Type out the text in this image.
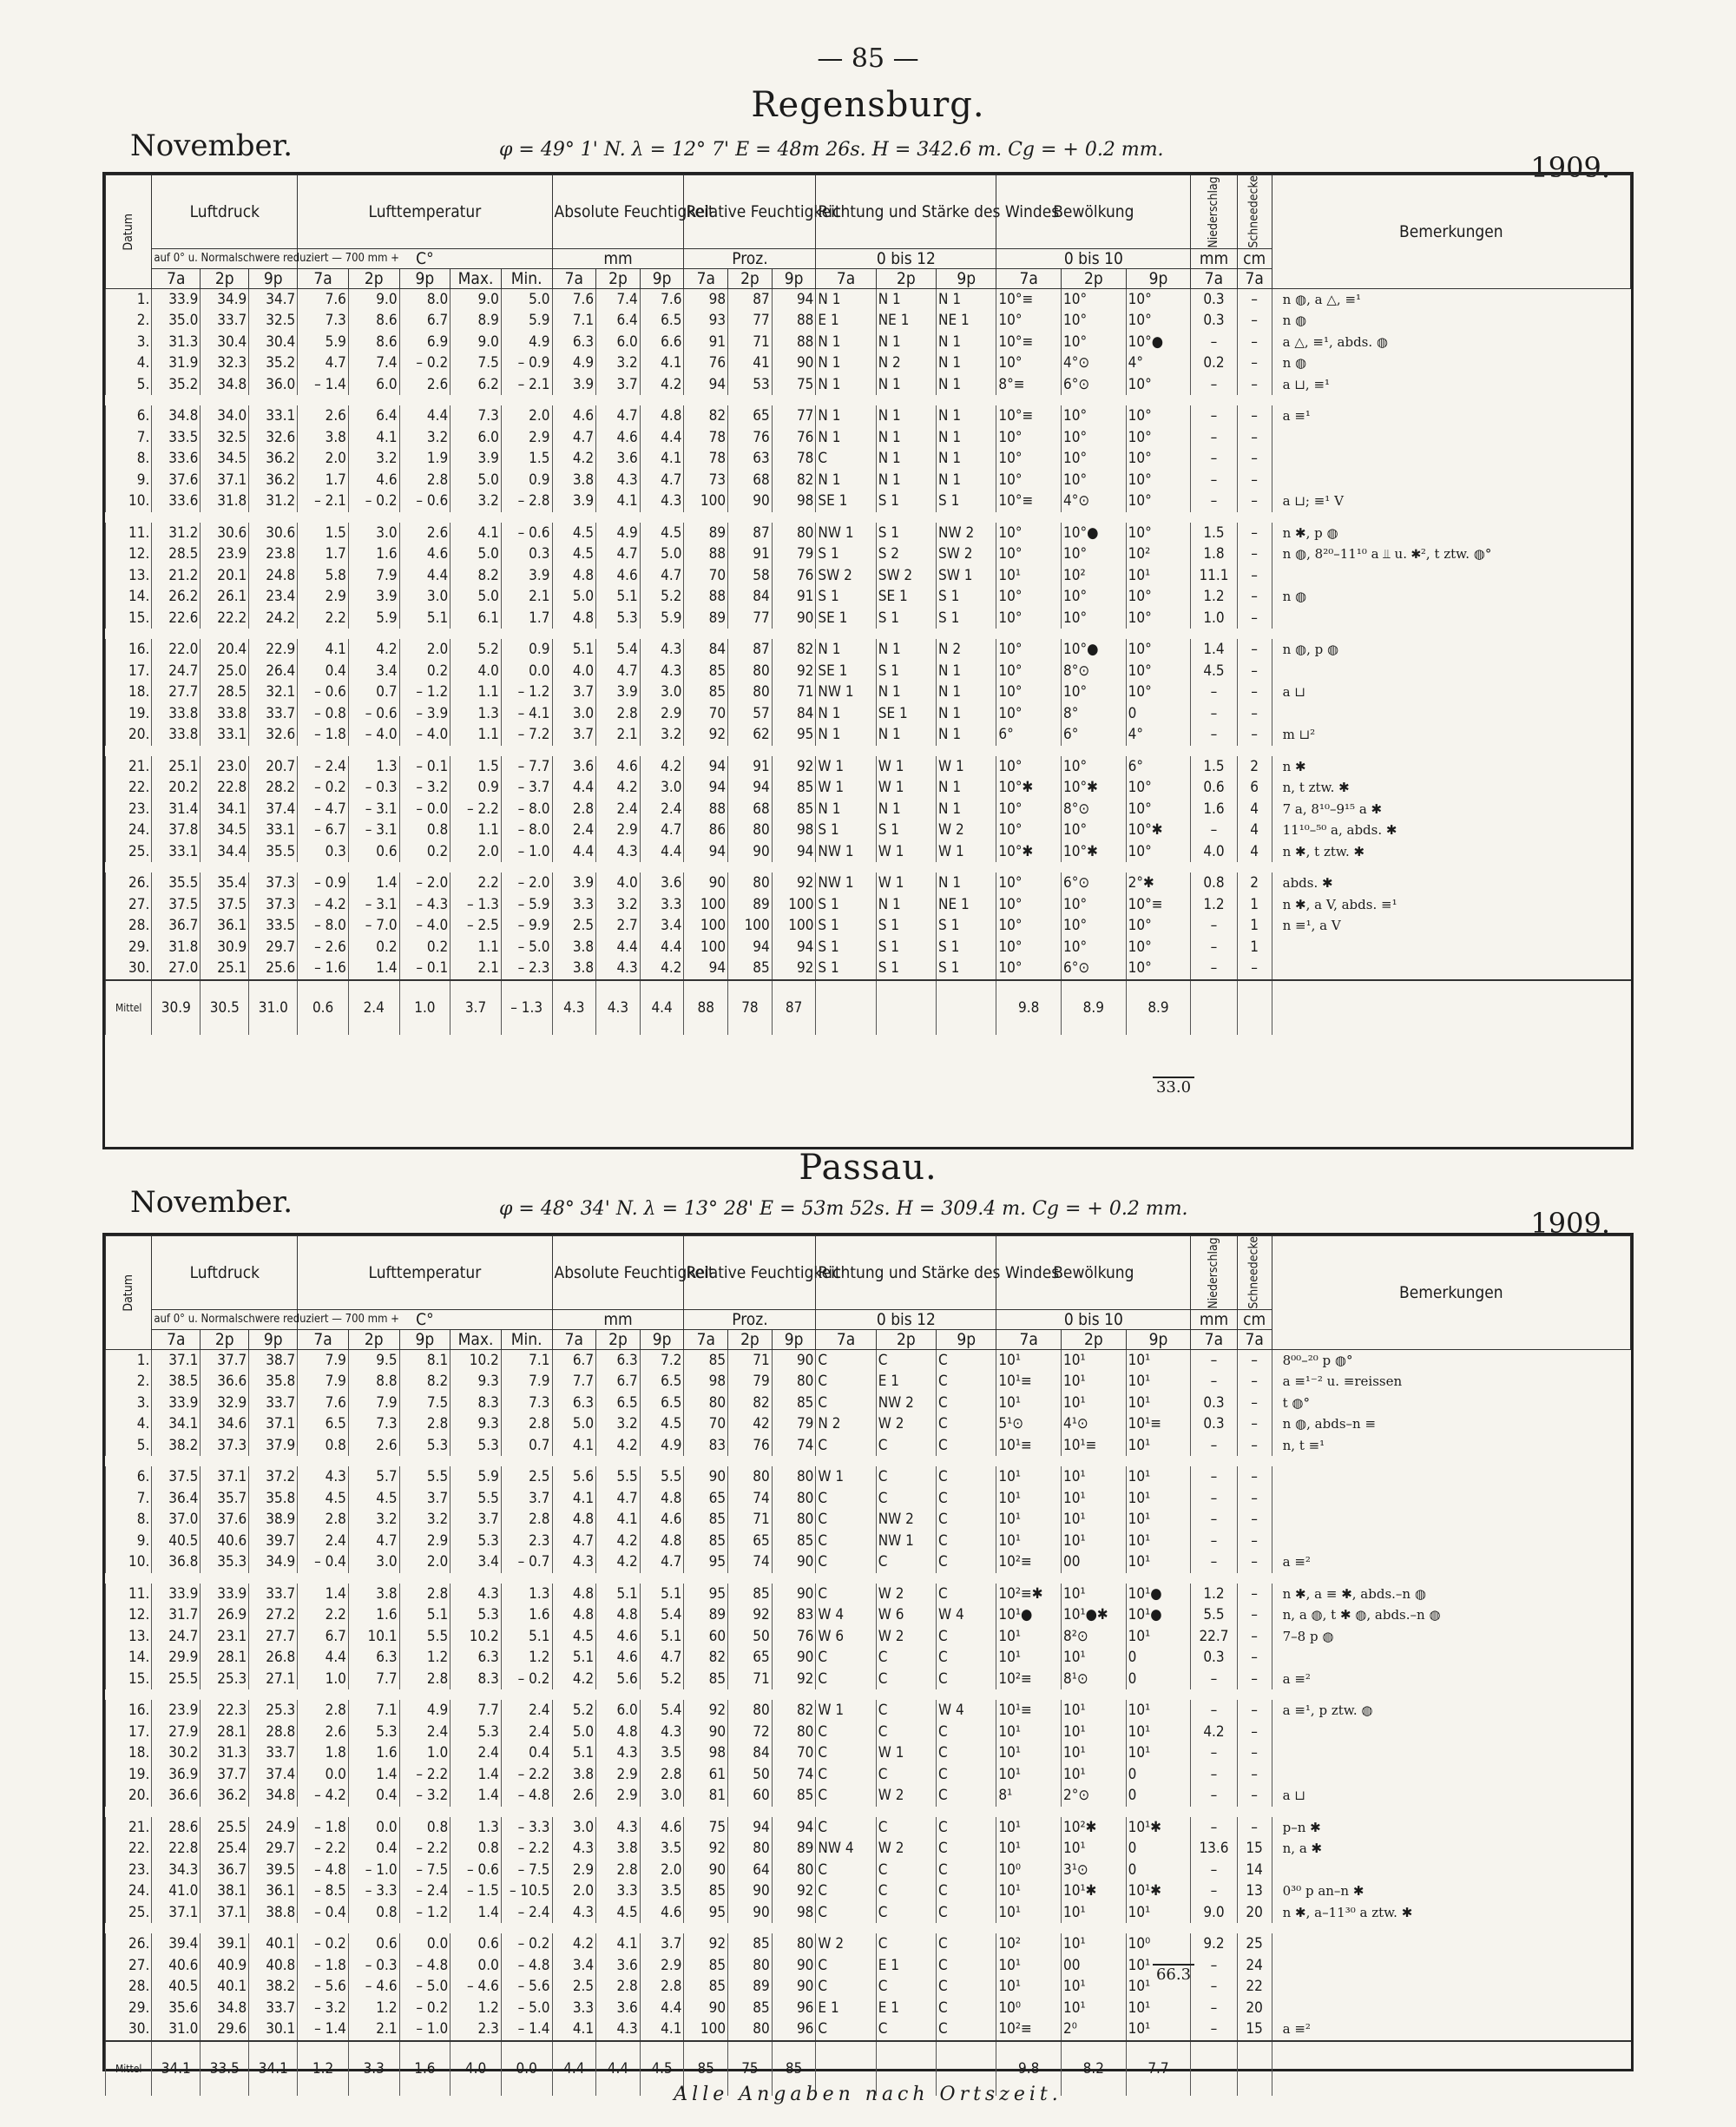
— 85 —
Regensburg.
November.	φ = 49° 1' N. λ = 12° 7' E = 48m 26s. H = 342.6 m. Cg = + 0.2 mm.
1909.
Datum	Luftdruck			Lufttemperatur					Absolute Feuchtigkeit			Relative Feuchtigkeit			Richtung und Stärke des Windes			Bewölkung			Niederschlag	Schneedecke	Bemerkungen
	auf 0° u. Normalschwere reduziert — 700 mm +			C°					mm			Proz.			0 bis 12			0 bis 10			mm	cm	
	7a	2p	9p	7a	2p	9p	Max.	Min.	7a	2p	9p	7a	2p	9p	7a	2p	9p	7a	2p	9p	7a	7a	
1.	33.9	34.9	34.7	7.6	9.0	8.0	9.0	5.0	7.6	7.4	7.6	98	87	94	N 1	N 1	N 1	10°≡	10°	10°	0.3	–	n ◍, a △, ≡¹
2.	35.0	33.7	32.5	7.3	8.6	6.7	8.9	5.9	7.1	6.4	6.5	93	77	88	E 1	NE 1	NE 1	10°	10°	10°	0.3	–	n ◍
3.	31.3	30.4	30.4	5.9	8.6	6.9	9.0	4.9	6.3	6.0	6.6	91	71	88	N 1	N 1	N 1	10°≡	10°	10°●	–	–	a △, ≡¹, abds. ◍
4.	31.9	32.3	35.2	4.7	7.4	– 0.2	7.5	– 0.9	4.9	3.2	4.1	76	41	90	N 1	N 2	N 1	10°	4°⊙	4°	0.2	–	n ◍
5.	35.2	34.8	36.0	– 1.4	6.0	2.6	6.2	– 2.1	3.9	3.7	4.2	94	53	75	N 1	N 1	N 1	8°≡	6°⊙	10°	–	–	a ⊔, ≡¹
6.	34.8	34.0	33.1	2.6	6.4	4.4	7.3	2.0	4.6	4.7	4.8	82	65	77	N 1	N 1	N 1	10°≡	10°	10°	–	–	a ≡¹
7.	33.5	32.5	32.6	3.8	4.1	3.2	6.0	2.9	4.7	4.6	4.4	78	76	76	N 1	N 1	N 1	10°	10°	10°	–	–	
8.	33.6	34.5	36.2	2.0	3.2	1.9	3.9	1.5	4.2	3.6	4.1	78	63	78	C	N 1	N 1	10°	10°	10°	–	–	
9.	37.6	37.1	36.2	1.7	4.6	2.8	5.0	0.9	3.8	4.3	4.7	73	68	82	N 1	N 1	N 1	10°	10°	10°	–	–	
10.	33.6	31.8	31.2	– 2.1	– 0.2	– 0.6	3.2	– 2.8	3.9	4.1	4.3	100	90	98	SE 1	S 1	S 1	10°≡	4°⊙	10°	–	–	a ⊔; ≡¹ V
11.	31.2	30.6	30.6	1.5	3.0	2.6	4.1	– 0.6	4.5	4.9	4.5	89	87	80	NW 1	S 1	NW 2	10°	10°●	10°	1.5	–	n ✱, p ◍
12.	28.5	23.9	23.8	1.7	1.6	4.6	5.0	0.3	4.5	4.7	5.0	88	91	79	S 1	S 2	SW 2	10°	10°	10²	1.8	–	n ◍, 8²⁰–11¹⁰ a ⫫ u. ✱², t ztw. ◍°
13.	21.2	20.1	24.8	5.8	7.9	4.4	8.2	3.9	4.8	4.6	4.7	70	58	76	SW 2	SW 2	SW 1	10¹	10²	10¹	11.1	–	
14.	26.2	26.1	23.4	2.9	3.9	3.0	5.0	2.1	5.0	5.1	5.2	88	84	91	S 1	SE 1	S 1	10°	10°	10°	1.2	–	n ◍
15.	22.6	22.2	24.2	2.2	5.9	5.1	6.1	1.7	4.8	5.3	5.9	89	77	90	SE 1	S 1	S 1	10°	10°	10°	1.0	–	
16.	22.0	20.4	22.9	4.1	4.2	2.0	5.2	0.9	5.1	5.4	4.3	84	87	82	N 1	N 1	N 2	10°	10°●	10°	1.4	–	n ◍, p ◍
17.	24.7	25.0	26.4	0.4	3.4	0.2	4.0	0.0	4.0	4.7	4.3	85	80	92	SE 1	S 1	N 1	10°	8°⊙	10°	4.5	–	
18.	27.7	28.5	32.1	– 0.6	0.7	– 1.2	1.1	– 1.2	3.7	3.9	3.0	85	80	71	NW 1	N 1	N 1	10°	10°	10°	–	–	a ⊔
19.	33.8	33.8	33.7	– 0.8	– 0.6	– 3.9	1.3	– 4.1	3.0	2.8	2.9	70	57	84	N 1	SE 1	N 1	10°	8°	0	–	–	
20.	33.8	33.1	32.6	– 1.8	– 4.0	– 4.0	1.1	– 7.2	3.7	2.1	3.2	92	62	95	N 1	N 1	N 1	6°	6°	4°	–	–	m ⊔²
21.	25.1	23.0	20.7	– 2.4	1.3	– 0.1	1.5	– 7.7	3.6	4.6	4.2	94	91	92	W 1	W 1	W 1	10°	10°	6°	1.5	2	n ✱
22.	20.2	22.8	28.2	– 0.2	– 0.3	– 3.2	0.9	– 3.7	4.4	4.2	3.0	94	94	85	W 1	W 1	N 1	10°✱	10°✱	10°	0.6	6	n, t ztw. ✱
23.	31.4	34.1	37.4	– 4.7	– 3.1	– 0.0	– 2.2	– 8.0	2.8	2.4	2.4	88	68	85	N 1	N 1	N 1	10°	8°⊙	10°	1.6	4	7 a, 8¹⁰–9¹⁵ a ✱
24.	37.8	34.5	33.1	– 6.7	– 3.1	0.8	1.1	– 8.0	2.4	2.9	4.7	86	80	98	S 1	S 1	W 2	10°	10°	10°✱	–	4	11¹⁰–⁵⁰ a, abds. ✱
25.	33.1	34.4	35.5	0.3	0.6	0.2	2.0	– 1.0	4.4	4.3	4.4	94	90	94	NW 1	W 1	W 1	10°✱	10°✱	10°	4.0	4	n ✱, t ztw. ✱
26.	35.5	35.4	37.3	– 0.9	1.4	– 2.0	2.2	– 2.0	3.9	4.0	3.6	90	80	92	NW 1	W 1	N 1	10°	6°⊙	2°✱	0.8	2	abds. ✱
27.	37.5	37.5	37.3	– 4.2	– 3.1	– 4.3	– 1.3	– 5.9	3.3	3.2	3.3	100	89	100	S 1	N 1	NE 1	10°	10°	10°≡	1.2	1	n ✱, a V, abds. ≡¹
28.	36.7	36.1	33.5	– 8.0	– 7.0	– 4.0	– 2.5	– 9.9	2.5	2.7	3.4	100	100	100	S 1	S 1	S 1	10°	10°	10°	–	1	n ≡¹, a V
29.	31.8	30.9	29.7	– 2.6	0.2	0.2	1.1	– 5.0	3.8	4.4	4.4	100	94	94	S 1	S 1	S 1	10°	10°	10°	–	1	
30.	27.0	25.1	25.6	– 1.6	1.4	– 0.1	2.1	– 2.3	3.8	4.3	4.2	94	85	92	S 1	S 1	S 1	10°	6°⊙	10°	–	–	
Mittel	30.9	30.5	31.0	0.6	2.4	1.0	3.7	– 1.3	4.3	4.3	4.4	88	78	87				9.8	8.9	8.9			
33.0
Passau.
November.	φ = 48° 34' N. λ = 13° 28' E = 53m 52s. H = 309.4 m. Cg = + 0.2 mm.	1909.
Datum	Luftdruck			Lufttemperatur					Absolute Feuchtigkeit			Relative Feuchtigkeit			Richtung und Stärke des Windes			Bewölkung			Niederschlag	Schneedecke	Bemerkungen
	auf 0° u. Normalschwere reduziert — 700 mm +			C°					mm			Proz.			0 bis 12			0 bis 10			mm	cm	
	7a	2p	9p	7a	2p	9p	Max.	Min.	7a	2p	9p	7a	2p	9p	7a	2p	9p	7a	2p	9p	7a	7a	
1.	37.1	37.7	38.7	7.9	9.5	8.1	10.2	7.1	6.7	6.3	7.2	85	71	90	C	C	C	10¹	10¹	10¹	–	–	8⁰⁰–²⁰ p ◍°
2.	38.5	36.6	35.8	7.9	8.8	8.2	9.3	7.9	7.7	6.7	6.5	98	79	80	C	E 1	C	10¹≡	10¹	10¹	–	–	a ≡¹⁻² u. ≡reissen
3.	33.9	32.9	33.7	7.6	7.9	7.5	8.3	7.3	6.3	6.5	6.5	80	82	85	C	NW 2	C	10¹	10¹	10¹	0.3	–	t ◍°
4.	34.1	34.6	37.1	6.5	7.3	2.8	9.3	2.8	5.0	3.2	4.5	70	42	79	N 2	W 2	C	5¹⊙	4¹⊙	10¹≡	0.3	–	n ◍, abds–n ≡
5.	38.2	37.3	37.9	0.8	2.6	5.3	5.3	0.7	4.1	4.2	4.9	83	76	74	C	C	C	10¹≡	10¹≡	10¹	–	–	n, t ≡¹
6.	37.5	37.1	37.2	4.3	5.7	5.5	5.9	2.5	5.6	5.5	5.5	90	80	80	W 1	C	C	10¹	10¹	10¹	–	–	
7.	36.4	35.7	35.8	4.5	4.5	3.7	5.5	3.7	4.1	4.7	4.8	65	74	80	C	C	C	10¹	10¹	10¹	–	–	
8.	37.0	37.6	38.9	2.8	3.2	3.2	3.7	2.8	4.8	4.1	4.6	85	71	80	C	NW 2	C	10¹	10¹	10¹	–	–	
9.	40.5	40.6	39.7	2.4	4.7	2.9	5.3	2.3	4.7	4.2	4.8	85	65	85	C	NW 1	C	10¹	10¹	10¹	–	–	
10.	36.8	35.3	34.9	– 0.4	3.0	2.0	3.4	– 0.7	4.3	4.2	4.7	95	74	90	C	C	C	10²≡	00	10¹	–	–	a ≡²
11.	33.9	33.9	33.7	1.4	3.8	2.8	4.3	1.3	4.8	5.1	5.1	95	85	90	C	W 2	C	10²≡✱	10¹	10¹●	1.2	–	n ✱, a ≡ ✱, abds.–n ◍
12.	31.7	26.9	27.2	2.2	1.6	5.1	5.3	1.6	4.8	4.8	5.4	89	92	83	W 4	W 6	W 4	10¹●	10¹●✱	10¹●	5.5	–	n, a ◍, t ✱ ◍, abds.–n ◍
13.	24.7	23.1	27.7	6.7	10.1	5.5	10.2	5.1	4.5	4.6	5.1	60	50	76	W 6	W 2	C	10¹	8²⊙	10¹	22.7	–	7–8 p ◍
14.	29.9	28.1	26.8	4.4	6.3	1.2	6.3	1.2	5.1	4.6	4.7	82	65	90	C	C	C	10¹	10¹	0	0.3	–	
15.	25.5	25.3	27.1	1.0	7.7	2.8	8.3	– 0.2	4.2	5.6	5.2	85	71	92	C	C	C	10²≡	8¹⊙	0	–	–	a ≡²
16.	23.9	22.3	25.3	2.8	7.1	4.9	7.7	2.4	5.2	6.0	5.4	92	80	82	W 1	C	W 4	10¹≡	10¹	10¹	–	–	a ≡¹, p ztw. ◍
17.	27.9	28.1	28.8	2.6	5.3	2.4	5.3	2.4	5.0	4.8	4.3	90	72	80	C	C	C	10¹	10¹	10¹	4.2	–	
18.	30.2	31.3	33.7	1.8	1.6	1.0	2.4	0.4	5.1	4.3	3.5	98	84	70	C	W 1	C	10¹	10¹	10¹	–	–	
19.	36.9	37.7	37.4	0.0	1.4	– 2.2	1.4	– 2.2	3.8	2.9	2.8	61	50	74	C	C	C	10¹	10¹	0	–	–	
20.	36.6	36.2	34.8	– 4.2	0.4	– 3.2	1.4	– 4.8	2.6	2.9	3.0	81	60	85	C	W 2	C	8¹	2°⊙	0	–	–	a ⊔
21.	28.6	25.5	24.9	– 1.8	0.0	0.8	1.3	– 3.3	3.0	4.3	4.6	75	94	94	C	C	C	10¹	10²✱	10¹✱	–	–	p–n ✱
22.	22.8	25.4	29.7	– 2.2	0.4	– 2.2	0.8	– 2.2	4.3	3.8	3.5	92	80	89	NW 4	W 2	C	10¹	10¹	0	13.6	15	n, a ✱
23.	34.3	36.7	39.5	– 4.8	– 1.0	– 7.5	– 0.6	– 7.5	2.9	2.8	2.0	90	64	80	C	C	C	10⁰	3¹⊙	0	–	14	
24.	41.0	38.1	36.1	– 8.5	– 3.3	– 2.4	– 1.5	– 10.5	2.0	3.3	3.5	85	90	92	C	C	C	10¹	10¹✱	10¹✱	–	13	0³⁰ p an–n ✱
25.	37.1	37.1	38.8	– 0.4	0.8	– 1.2	1.4	– 2.4	4.3	4.5	4.6	95	90	98	C	C	C	10¹	10¹	10¹	9.0	20	n ✱, a–11³⁰ a ztw. ✱
26.	39.4	39.1	40.1	– 0.2	0.6	0.0	0.6	– 0.2	4.2	4.1	3.7	92	85	80	W 2	C	C	10²	10¹	10⁰	9.2	25	
27.	40.6	40.9	40.8	– 1.8	– 0.3	– 4.8	0.0	– 4.8	3.4	3.6	2.9	85	80	90	C	E 1	C	10¹	00	10¹	–	24	
28.	40.5	40.1	38.2	– 5.6	– 4.6	– 5.0	– 4.6	– 5.6	2.5	2.8	2.8	85	89	90	C	C	C	10¹	10¹	10¹	–	22	
29.	35.6	34.8	33.7	– 3.2	1.2	– 0.2	1.2	– 5.0	3.3	3.6	4.4	90	85	96	E 1	E 1	C	10⁰	10¹	10¹	–	20	
30.	31.0	29.6	30.1	– 1.4	2.1	– 1.0	2.3	– 1.4	4.1	4.3	4.1	100	80	96	C	C	C	10²≡	2⁰	10¹	–	15	a ≡²
Mittel	34.1	33.5	34.1	1.2	3.3	1.6	4.0	0.0	4.4	4.4	4.5	85	75	85				9.8	8.2	7.7			
66.3
Alle Angaben nach Ortszeit.
